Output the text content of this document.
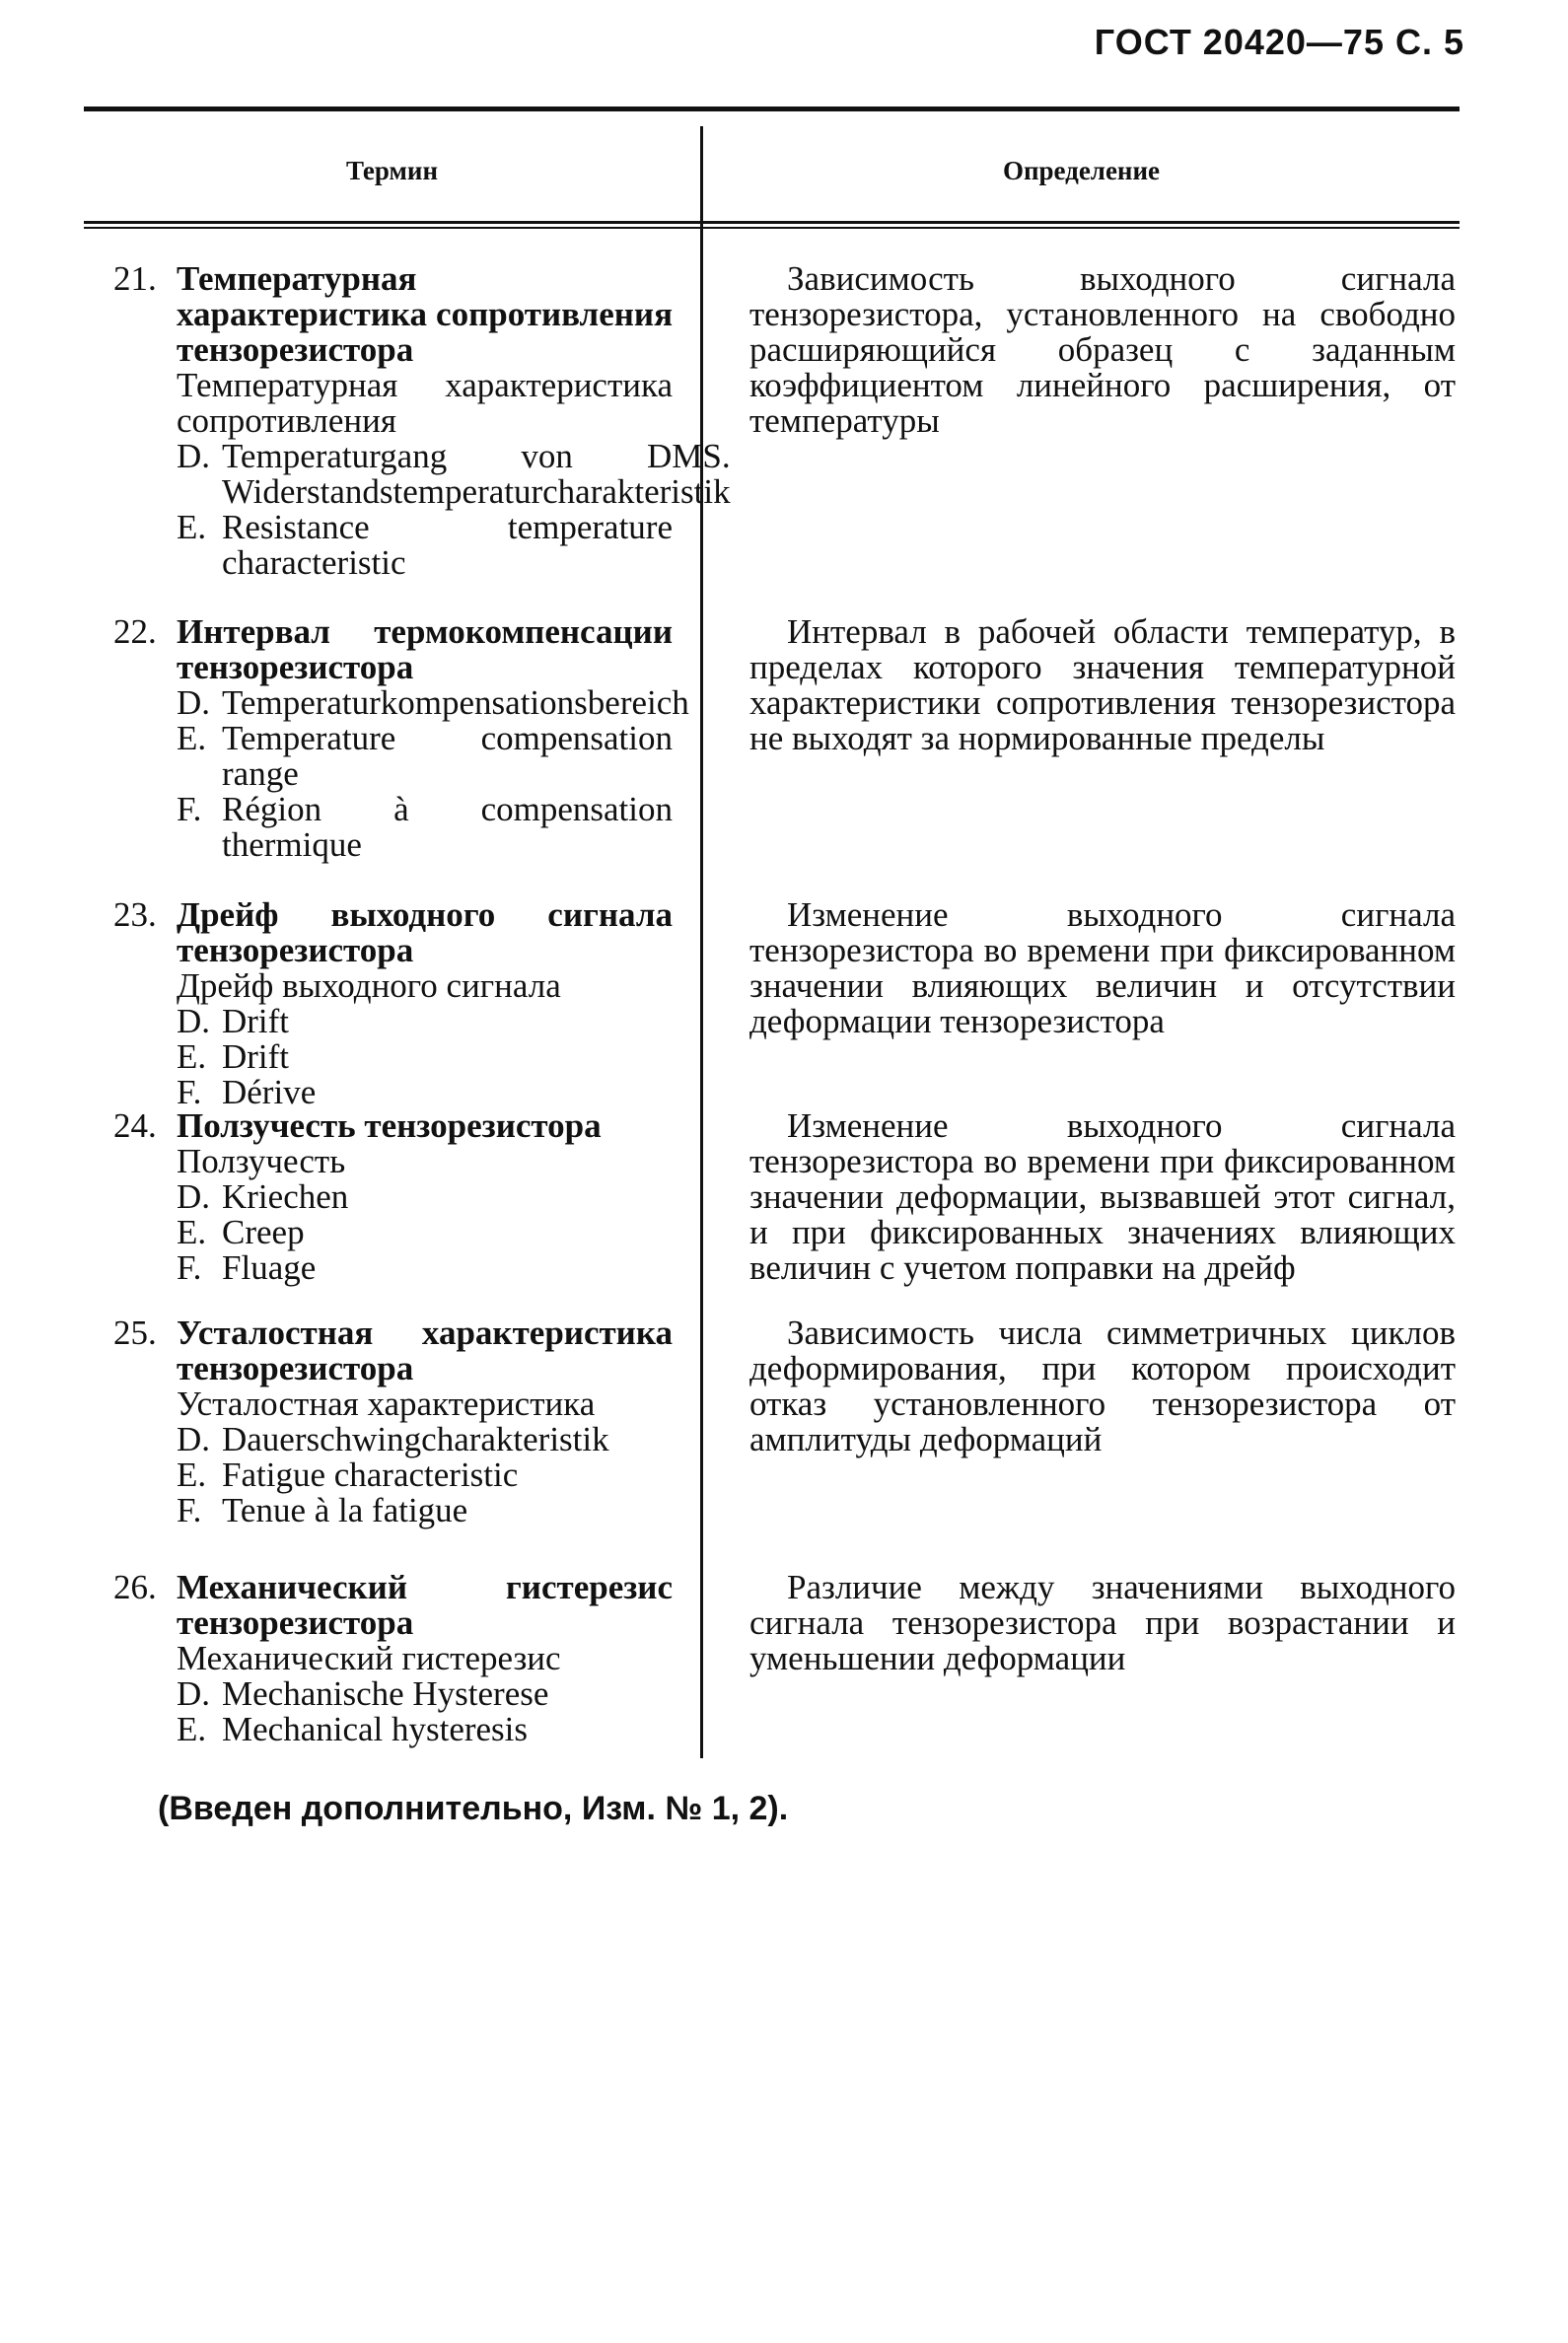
ГОСТ 20420—75 С. 5
Термин	Определение
21. Температурная характеристика сопротивления тензорезистора
Температурная характеристика сопротивления
D. Temperaturgang von DMS. Widerstandstemperaturcharakteristik
E. Resistance temperature characteristic
Зависимость выходного сигнала тензорезистора, установленного на свободно расширяющийся образец с заданным коэффициентом линейного расширения, от температуры
22. Интервал термокомпенсации тензорезистора
D. Temperaturkompensationsbereich
E. Temperature compensation range
F. Région à compensation thermique
Интервал в рабочей области температур, в пределах которого значения температурной характеристики сопротивления тензорезистора не выходят за нормированные пределы
23. Дрейф выходного сигнала тензорезистора
Дрейф выходного сигнала
D. Drift
E. Drift
F. Dérive
Изменение выходного сигнала тензорезистора во времени при фиксированном значении влияющих величин и отсутствии деформации тензорезистора
24. Ползучесть тензорезистора
Ползучесть
D. Kriechen
E. Creep
F. Fluage
Изменение выходного сигнала тензорезистора во времени при фиксированном значении деформации, вызвавшей этот сигнал, и при фиксированных значениях влияющих величин с учетом поправки на дрейф
25. Усталостная характеристика тензорезистора
Усталостная характеристика
D. Dauerschwingcharakteristik
E. Fatigue characteristic
F. Tenue à la fatigue
Зависимость числа симметричных циклов деформирования, при котором происходит отказ установленного тензорезистора от амплитуды деформаций
26. Механический гистерезис тензорезистора
Механический гистерезис
D. Mechanische Hysterese
E. Mechanical hysteresis
Различие между значениями выходного сигнала тензорезистора при возрастании и уменьшении деформации
(Введен дополнительно, Изм. № 1, 2).
